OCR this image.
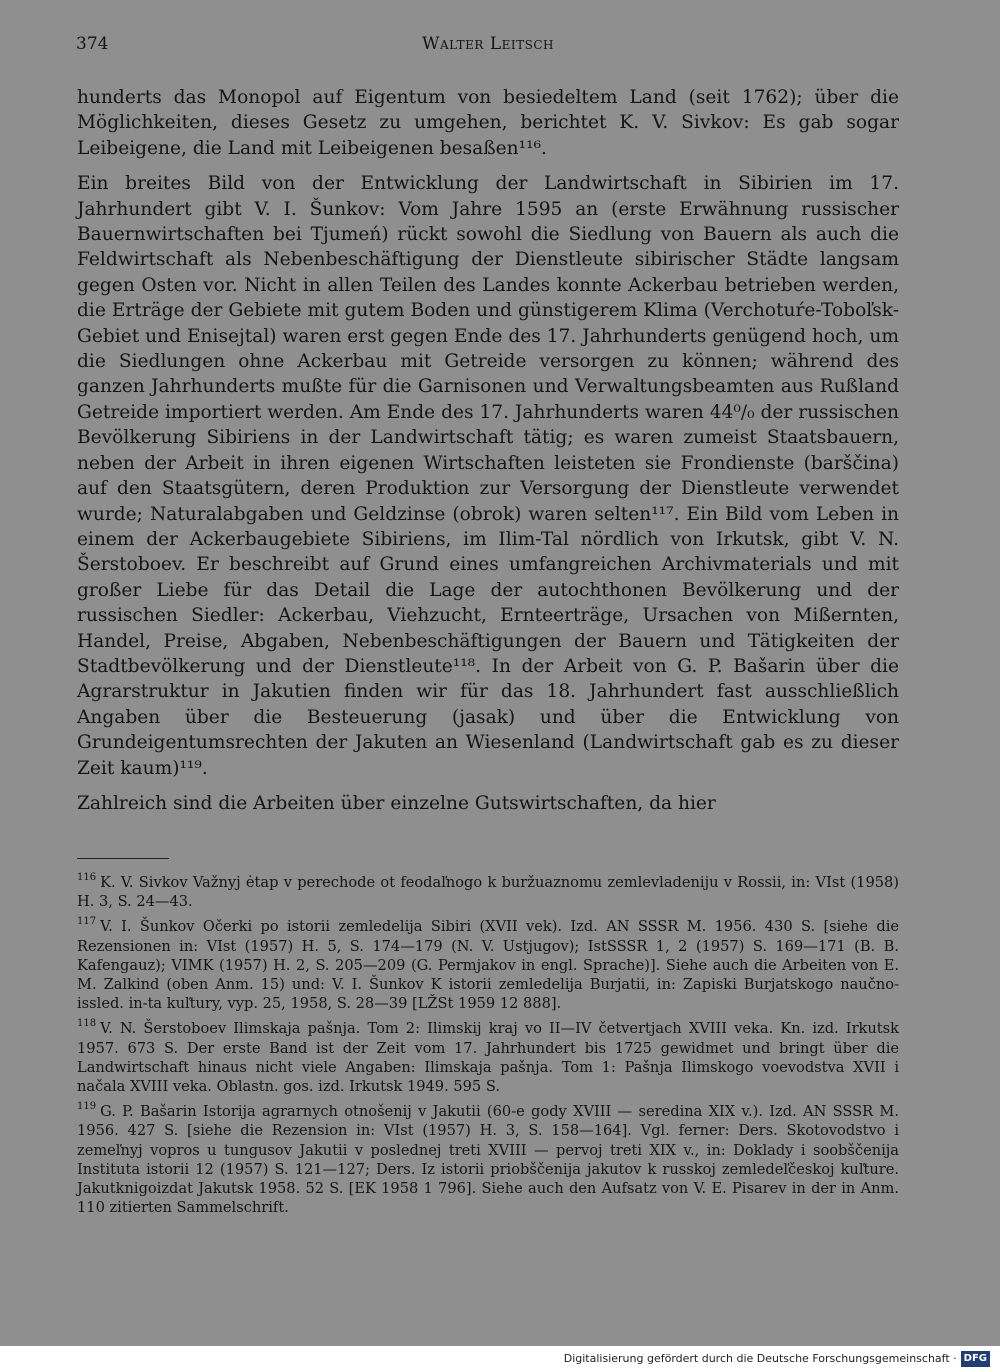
374	Walter Leitsch

hunderts das Monopol auf Eigentum von besiedeltem Land (seit 1762); über die Möglichkeiten, dieses Gesetz zu umgehen, berichtet K. V. Sivkov: Es gab sogar Leibeigene, die Land mit Leibeigenen besaßen¹¹⁶.

Ein breites Bild von der Entwicklung der Landwirtschaft in Sibirien im 17. Jahrhundert gibt V. I. Šunkov: Vom Jahre 1595 an (erste Erwähnung russischer Bauernwirtschaften bei Tjumeń) rückt sowohl die Siedlung von Bauern als auch die Feldwirtschaft als Nebenbeschäftigung der Dienstleute sibirischer Städte langsam gegen Osten vor. Nicht in allen Teilen des Landes konnte Ackerbau betrieben werden, die Erträge der Gebiete mit gutem Boden und günstigerem Klima (Verchotuŕe-Toboľsk-Gebiet und Enisejtal) waren erst gegen Ende des 17. Jahrhunderts genügend hoch, um die Siedlungen ohne Ackerbau mit Getreide versorgen zu können; während des ganzen Jahrhunderts mußte für die Garnisonen und Verwaltungsbeamten aus Rußland Getreide importiert werden. Am Ende des 17. Jahrhunderts waren 44⁰/₀ der russischen Bevölkerung Sibiriens in der Landwirtschaft tätig; es waren zumeist Staatsbauern, neben der Arbeit in ihren eigenen Wirtschaften leisteten sie Frondienste (barščina) auf den Staatsgütern, deren Produktion zur Versorgung der Dienstleute verwendet wurde; Naturalabgaben und Geldzinse (obrok) waren selten¹¹⁷. Ein Bild vom Leben in einem der Ackerbaugebiete Sibiriens, im Ilim-Tal nördlich von Irkutsk, gibt V. N. Šerstoboev. Er beschreibt auf Grund eines umfangreichen Archivmaterials und mit großer Liebe für das Detail die Lage der autochthonen Bevölkerung und der russischen Siedler: Ackerbau, Viehzucht, Ernteerträge, Ursachen von Mißernten, Handel, Preise, Abgaben, Nebenbeschäftigungen der Bauern und Tätigkeiten der Stadtbevölkerung und der Dienstleute¹¹⁸. In der Arbeit von G. P. Bašarin über die Agrarstruktur in Jakutien finden wir für das 18. Jahrhundert fast ausschließlich Angaben über die Besteuerung (jasak) und über die Entwicklung von Grundeigentumsrechten der Jakuten an Wiesenland (Landwirtschaft gab es zu dieser Zeit kaum)¹¹⁹.

Zahlreich sind die Arbeiten über einzelne Gutswirtschaften, da hier

$^{116}$ K. V. Sivkov Važnyj ėtap v perechode ot feodaľnogo k buržuaznomu zemlevladeniju v Rossii, in: VIst (1958) H. 3, S. 24—43.

$^{117}$ V. I. Šunkov Očerki po istorii zemledelija Sibiri (XVII vek). Izd. AN SSSR M. 1956. 430 S. [siehe die Rezensionen in: VIst (1957) H. 5, S. 174—179 (N. V. Ustjugov); IstSSSR 1, 2 (1957) S. 169—171 (B. B. Kafengauz); VIMK (1957) H. 2, S. 205—209 (G. Permjakov in engl. Sprache)]. Siehe auch die Arbeiten von E. M. Zalkind (oben Anm. 15) und: V. I. Šunkov K istorii zemledelija Burjatii, in: Zapiski Burjatskogo naučno-issled. in-ta kuľtury, vyp. 25, 1958, S. 28—39 [LŽSt 1959 12 888].

$^{118}$ V. N. Šerstoboev Ilimskaja pašnja. Tom 2: Ilimskij kraj vo II—IV četvertjach XVIII veka. Kn. izd. Irkutsk 1957. 673 S. Der erste Band ist der Zeit vom 17. Jahrhundert bis 1725 gewidmet und bringt über die Landwirtschaft hinaus nicht viele Angaben: Ilimskaja pašnja. Tom 1: Pašnja Ilimskogo voevodstva XVII i načala XVIII veka. Oblastn. gos. izd. Irkutsk 1949. 595 S.

$^{119}$ G. P. Bašarin Istorija agrarnych otnošenij v Jakutii (60-e gody XVIII — seredina XIX v.). Izd. AN SSSR M. 1956. 427 S. [siehe die Rezension in: VIst (1957) H. 3, S. 158—164]. Vgl. ferner: Ders. Skotovodstvo i zemeľnyj vopros u tungusov Jakutii v poslednej treti XVIII — pervoj treti XIX v., in: Doklady i soobščenija Instituta istorii 12 (1957) S. 121—127; Ders. Iz istorii priobščenija jakutov k russkoj zemledeľčeskoj kuľture. Jakutknigoizdat Jakutsk 1958. 52 S. [EK 1958 1 796]. Siehe auch den Aufsatz von V. E. Pisarev in der in Anm. 110 zitierten Sammelschrift.

Digitalisierung gefördert durch die Deutsche Forschungsgemeinschaft · DFG
